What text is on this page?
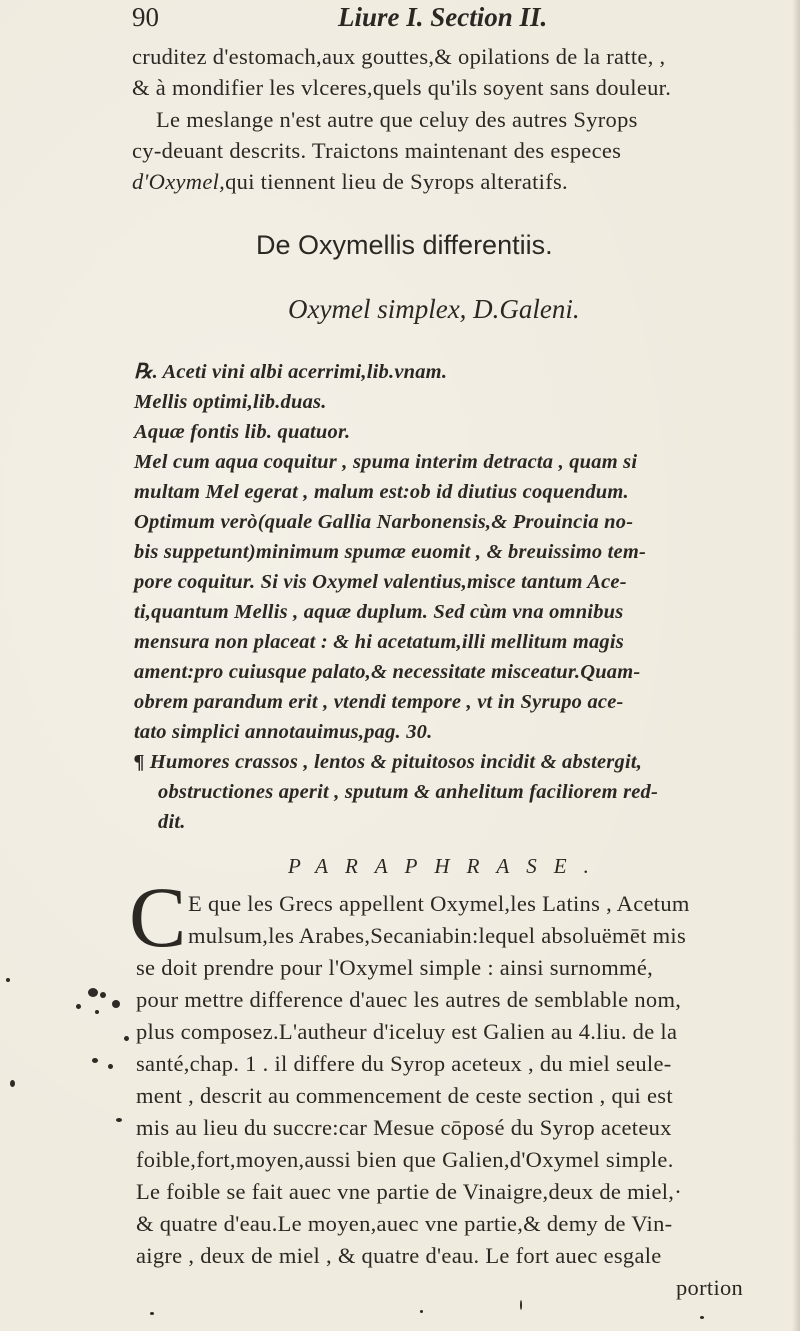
90	Liure I. Section II.
cruditez d'estomach,aux gouttes,& opilations de la ratte, ,
& à mondifier les vlceres,quels qu'ils soyent sans douleur.
Le meslange n'est autre que celuy des autres Syrops
cy-deuant descrits. Traictons maintenant des especes
d'Oxymel,qui tiennent lieu de Syrops alteratifs.
De Oxymellis differentiis.
Oxymel simplex, D.Galeni.
℞. Aceti vini albi acerrimi,lib.vnam.
Mellis optimi,lib.duas.
Aquæ fontis lib. quatuor.
Mel cum aqua coquitur , spuma interim detracta , quam si
multam Mel egerat , malum est:ob id diutius coquendum.
Optimum verò(quale Gallia Narbonensis,& Prouincia no-
bis suppetunt)minimum spumæ euomit , & breuissimo tem-
pore coquitur. Si vis Oxymel valentius,misce tantum Ace-
ti,quantum Mellis , aquæ duplum. Sed cùm vna omnibus
mensura non placeat : & hi acetatum,illi mellitum magis
ament:pro cuiusque palato,& necessitate misceatur.Quam-
obrem parandum erit , vtendi tempore , vt in Syrupo ace-
tato simplici annotauimus,pag. 30.
¶ Humores crassos , lentos & pituitosos incidit & abstergit,
obstructiones aperit , sputum & anhelitum faciliorem red-
dit.
PARAPHRASE.
C E que les Grecs appellent Oxymel,les Latins , Acetum
mulsum,les Arabes,Secaniabin:lequel absoluëmēt mis
se doit prendre pour l'Oxymel simple : ainsi surnommé,
pour mettre difference d'auec les autres de semblable nom,
plus composez.L'autheur d'iceluy est Galien au 4.liu. de la
santé,chap. 1 . il differe du Syrop aceteux , du miel seule-
ment , descrit au commencement de ceste section , qui est
mis au lieu du succre:car Mesue cōposé du Syrop aceteux
foible,fort,moyen,aussi bien que Galien,d'Oxymel simple.
Le foible se fait auec vne partie de Vinaigre,deux de miel,·
& quatre d'eau.Le moyen,auec vne partie,& demy de Vin-
aigre , deux de miel , & quatre d'eau. Le fort auec esgale
portion
